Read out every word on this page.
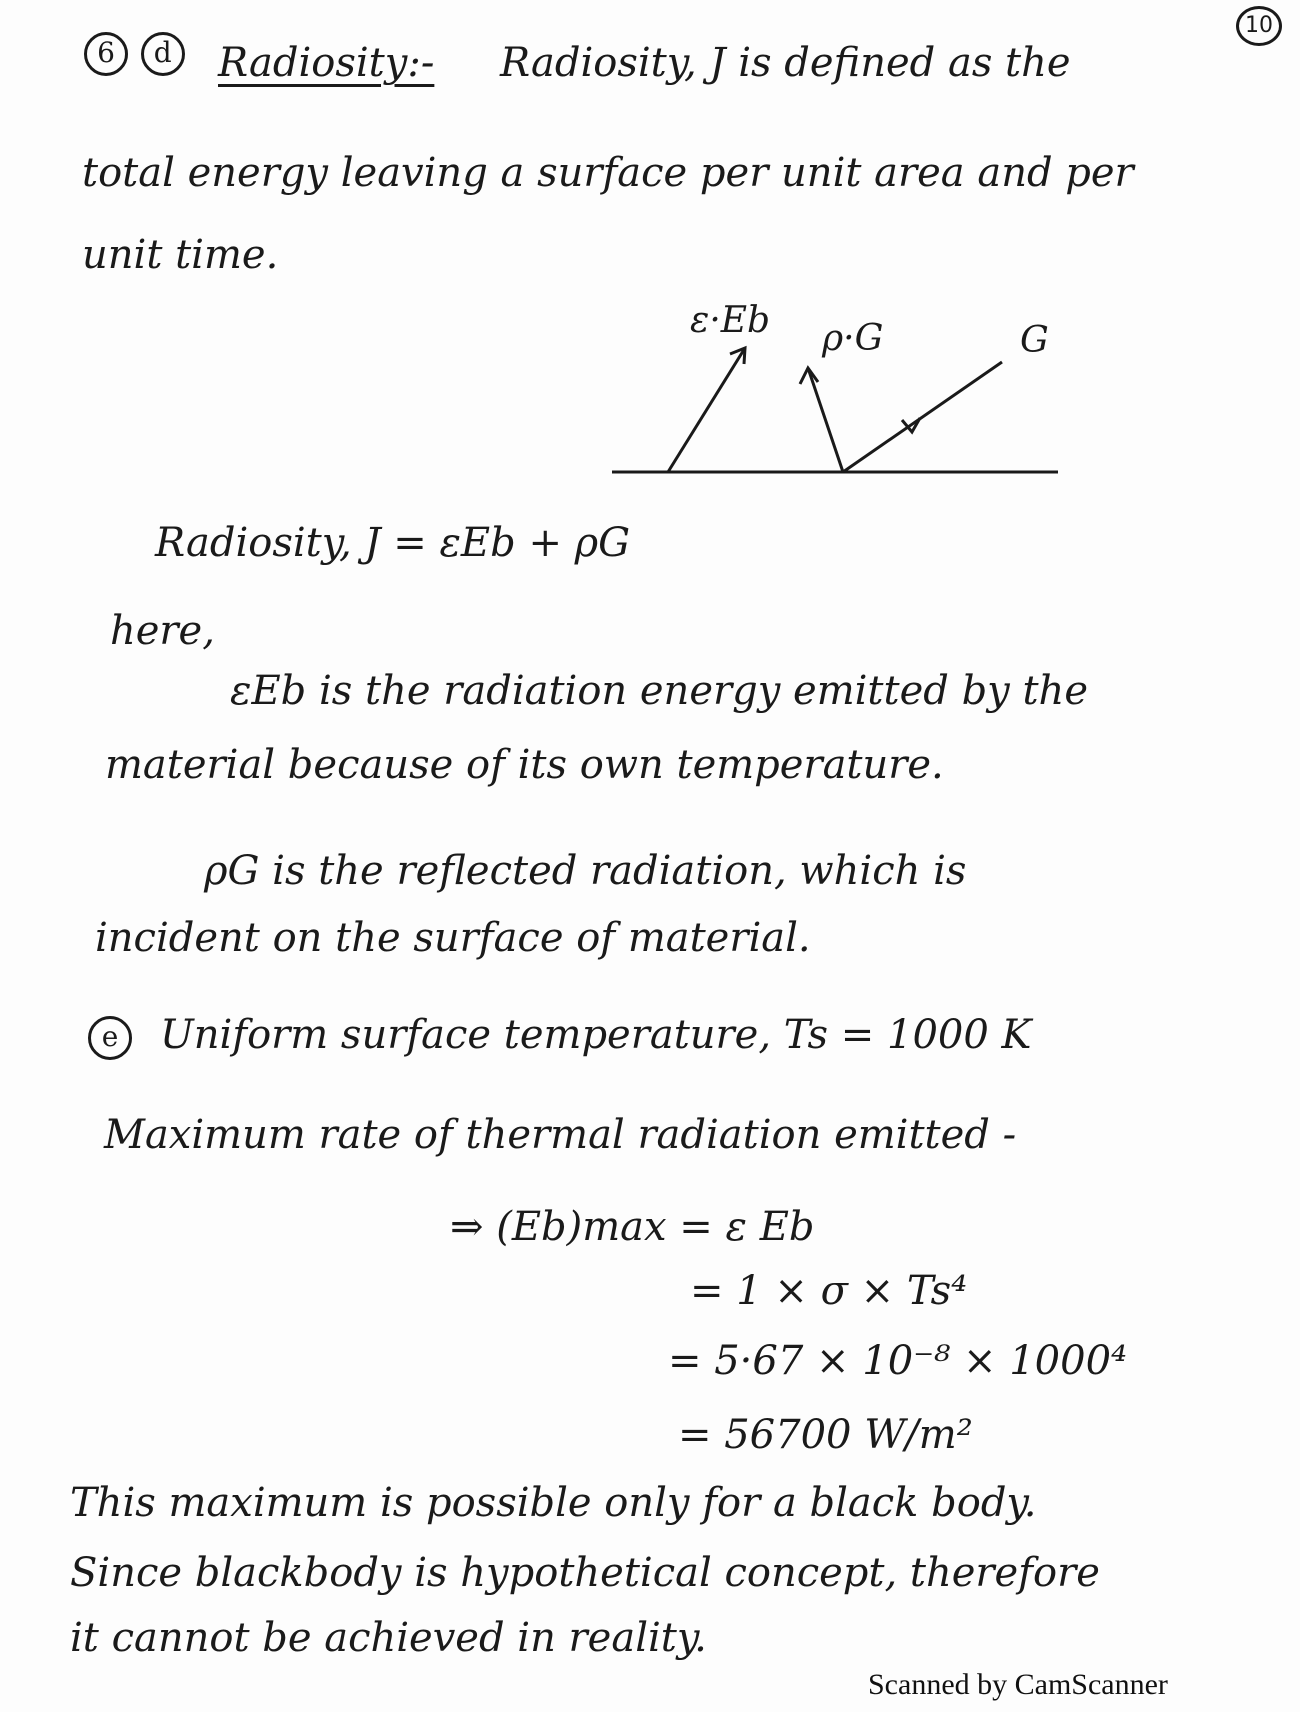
10
6 d	Radiosity:- Radiosity, J is defined as the
total energy leaving a surface per unit area and per
unit time.
ε·Eb ρ·G	G
Radiosity, J = εEb + ρG
here,
εEb is the radiation energy emitted by the
material because of its own temperature.
ρG is the reflected radiation, which is
incident on the surface of material.
e	Uniform surface temperature, Ts = 1000 K
Maximum rate of thermal radiation emitted -
⇒ (Eb)max = ε Eb
= 1 × σ × Ts⁴
= 5·67 × 10⁻⁸ × 1000⁴
= 56700 W/m²
This maximum is possible only for a black body.
Since blackbody is hypothetical concept, therefore
it cannot be achieved in reality.
Scanned by CamScanner
